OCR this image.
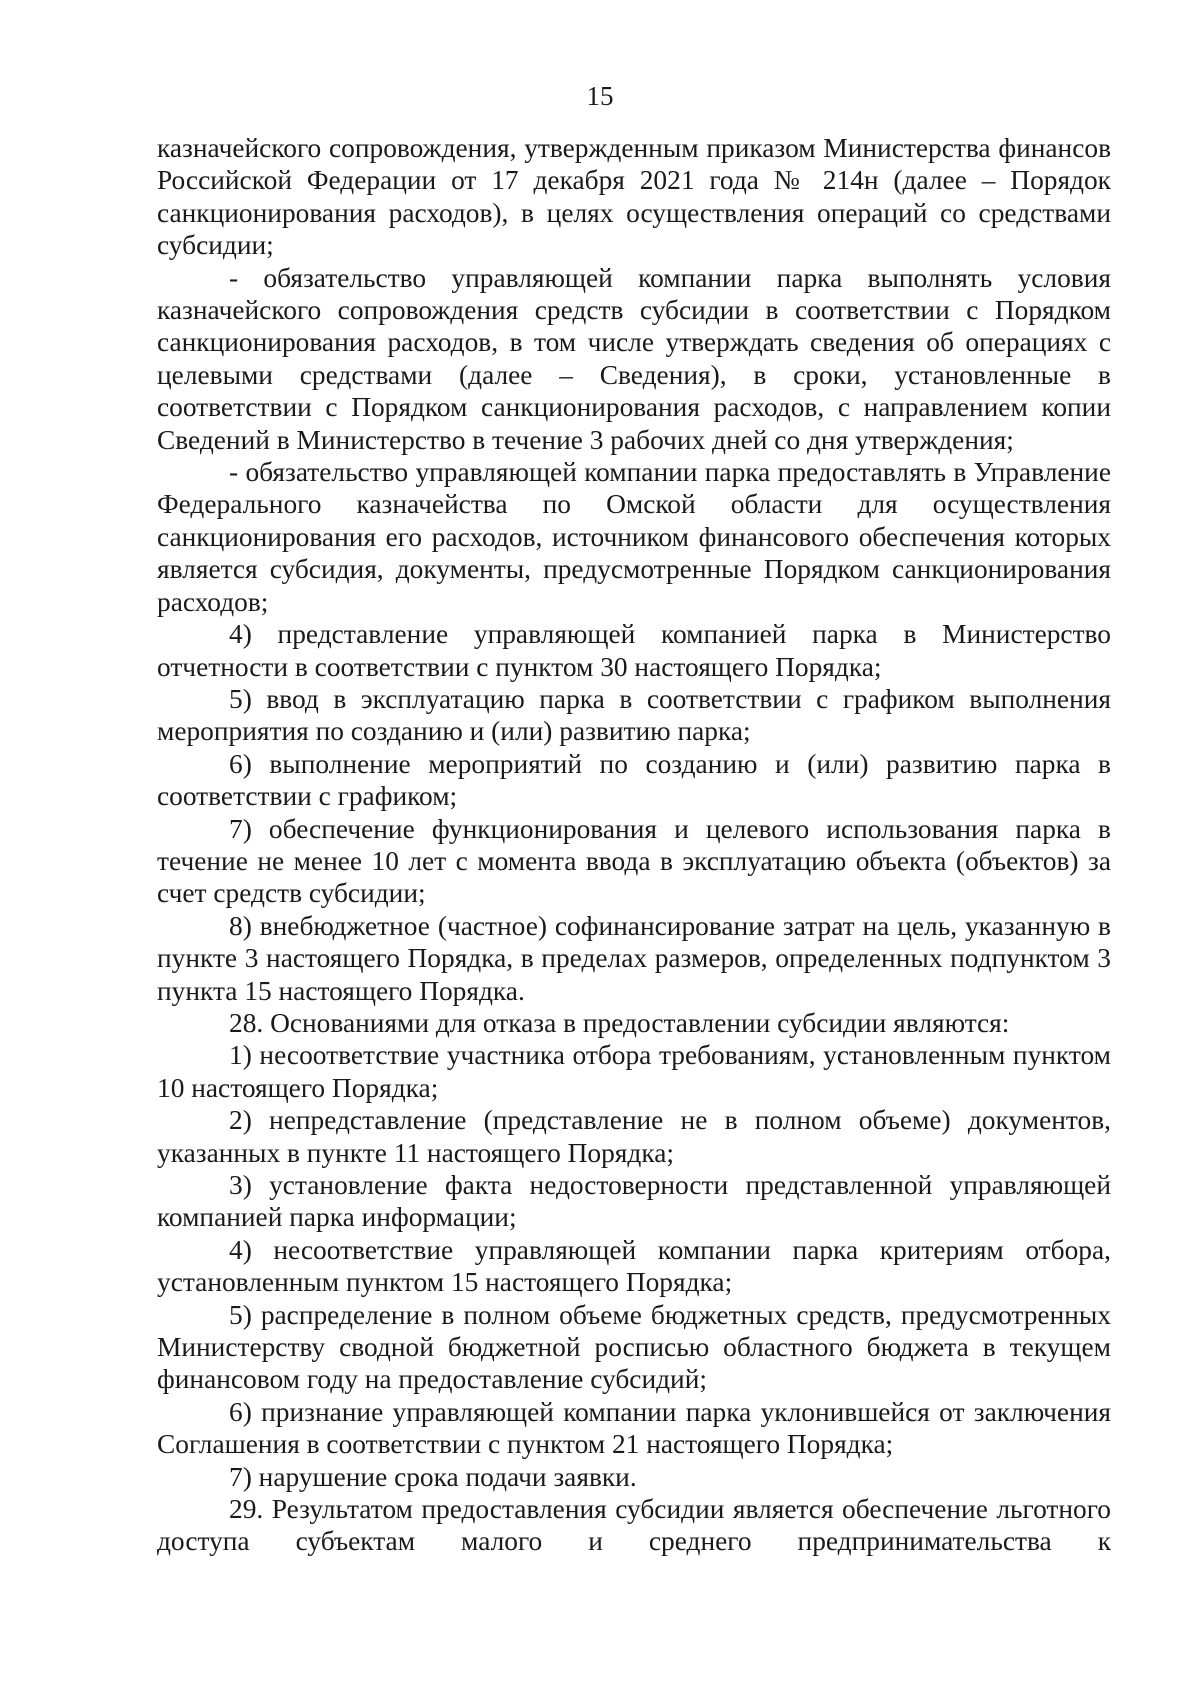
15

казначейского сопровождения, утвержденным приказом Министерства финансов Российской Федерации от 17 декабря 2021 года № 214н (далее – Порядок санкционирования расходов), в целях осуществления операций со средствами субсидии;

- обязательство управляющей компании парка выполнять условия казначейского сопровождения средств субсидии в соответствии с Порядком санкционирования расходов, в том числе утверждать сведения об операциях с целевыми средствами (далее – Сведения), в сроки, установленные в соответствии с Порядком санкционирования расходов, с направлением копии Сведений в Министерство в течение 3 рабочих дней со дня утверждения;

- обязательство управляющей компании парка предоставлять в Управление Федерального казначейства по Омской области для осуществления санкционирования его расходов, источником финансового обеспечения которых является субсидия, документы, предусмотренные Порядком санкционирования расходов;

4) представление управляющей компанией парка в Министерство отчетности в соответствии с пунктом 30 настоящего Порядка;

5) ввод в эксплуатацию парка в соответствии с графиком выполнения мероприятия по созданию и (или) развитию парка;

6) выполнение мероприятий по созданию и (или) развитию парка в соответствии с графиком;

7) обеспечение функционирования и целевого использования парка в течение не менее 10 лет с момента ввода в эксплуатацию объекта (объектов) за счет средств субсидии;

8) внебюджетное (частное) софинансирование затрат на цель, указанную в пункте 3 настоящего Порядка, в пределах размеров, определенных подпунктом 3 пункта 15 настоящего Порядка.

28. Основаниями для отказа в предоставлении субсидии являются:

1) несоответствие участника отбора требованиям, установленным пунктом 10 настоящего Порядка;

2) непредставление (представление не в полном объеме) документов, указанных в пункте 11 настоящего Порядка;

3) установление факта недостоверности представленной управляющей компанией парка информации;

4) несоответствие управляющей компании парка критериям отбора, установленным пунктом 15 настоящего Порядка;

5) распределение в полном объеме бюджетных средств, предусмотренных Министерству сводной бюджетной росписью областного бюджета в текущем финансовом году на предоставление субсидий;

6) признание управляющей компании парка уклонившейся от заключения Соглашения в соответствии с пунктом 21 настоящего Порядка;

7) нарушение срока подачи заявки.

29. Результатом предоставления субсидии является обеспечение льготного доступа субъектам малого и среднего предпринимательства к
